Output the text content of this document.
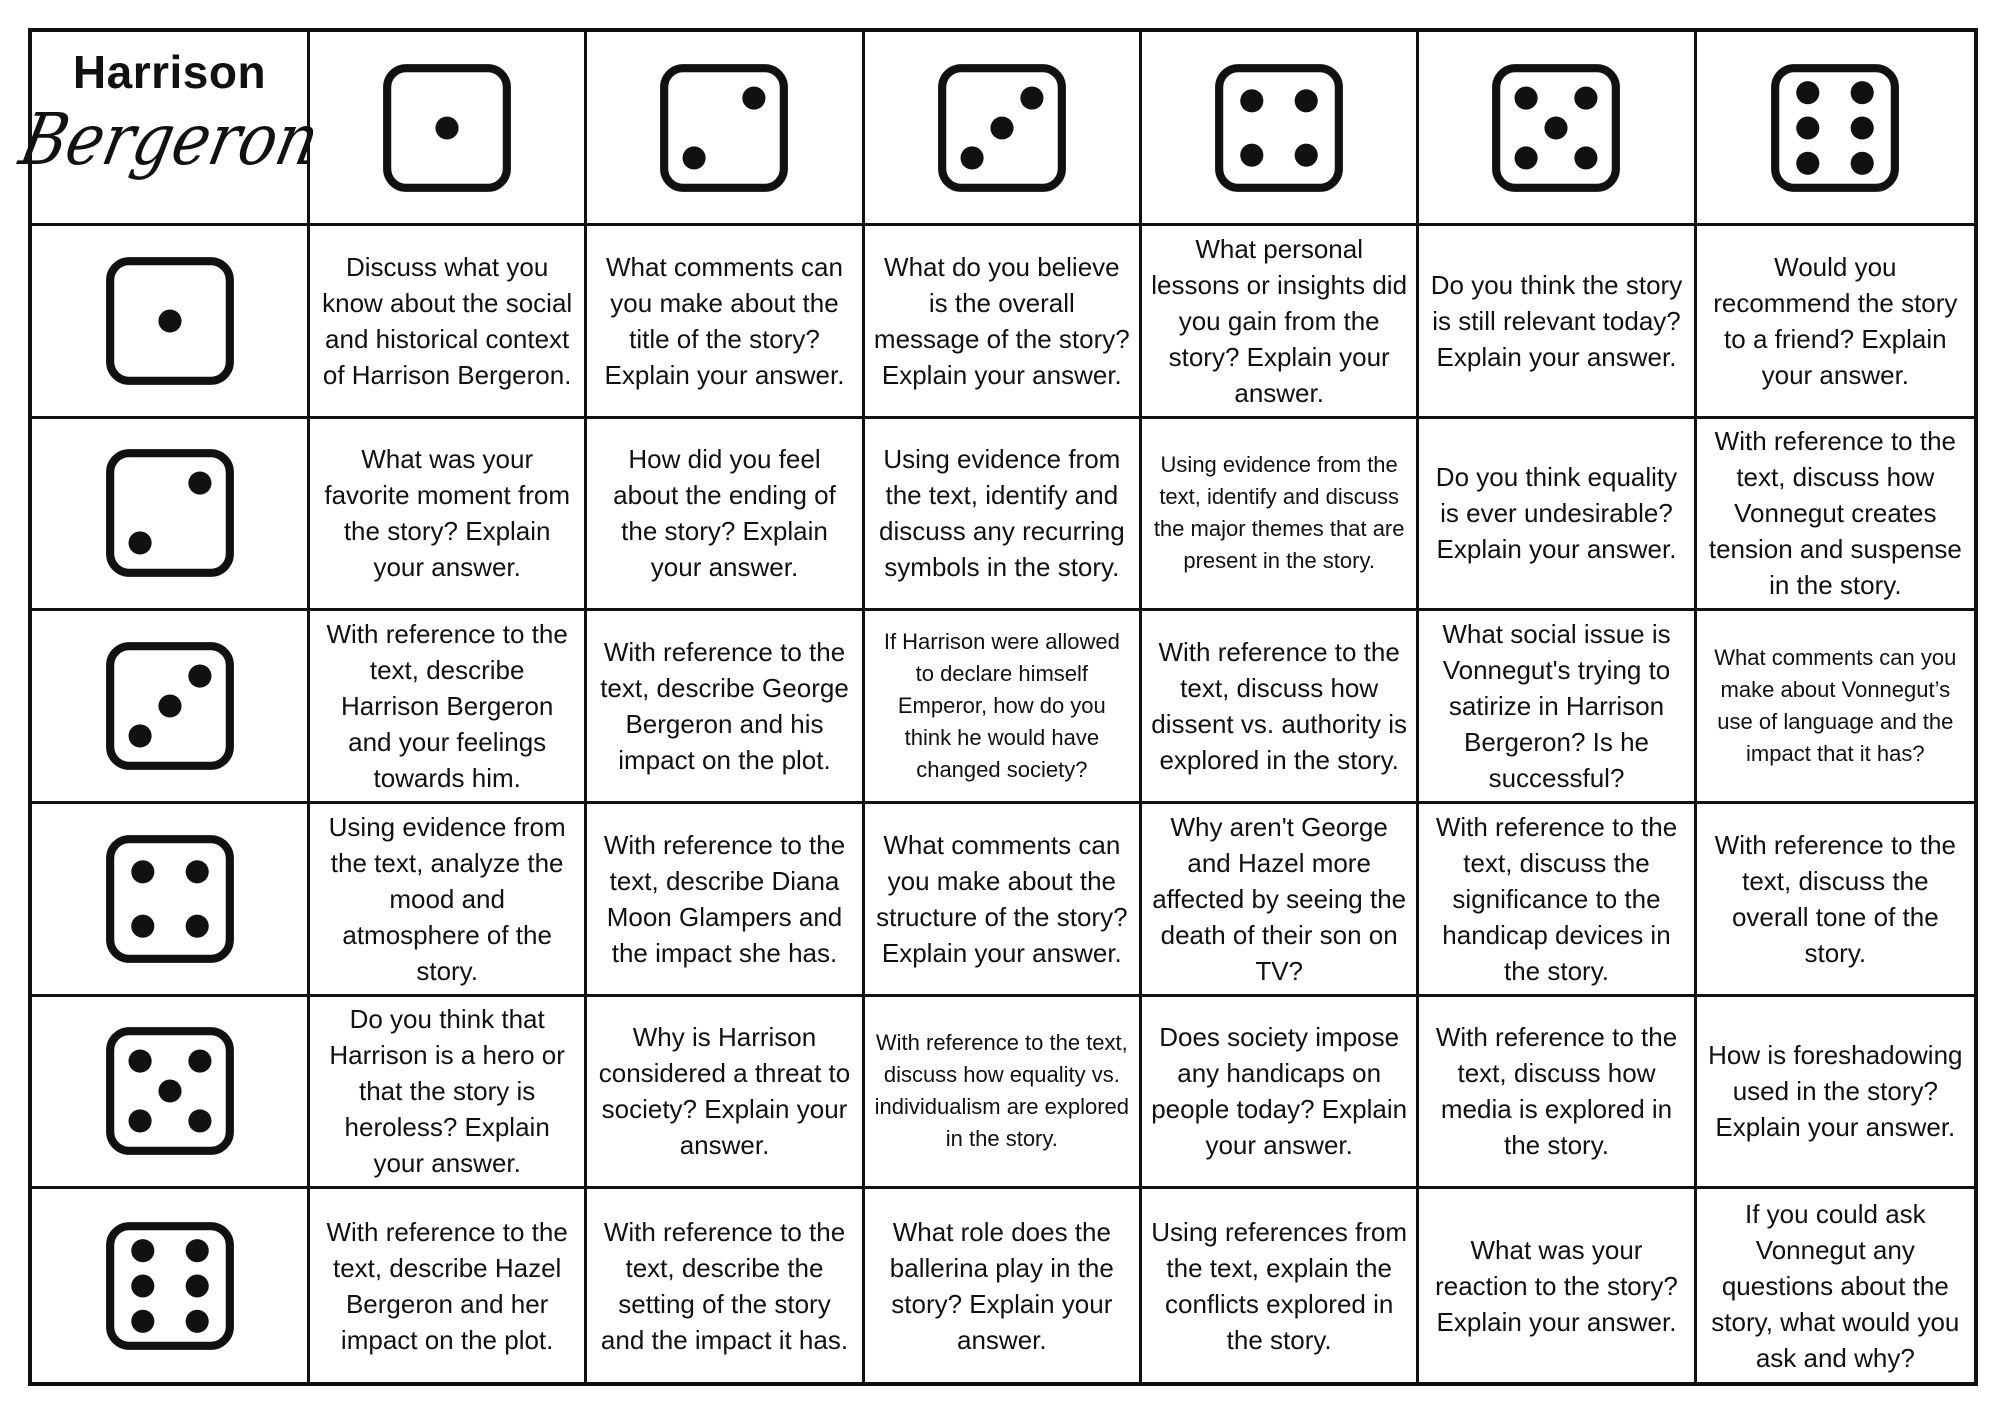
Harrison
Bergeron
Discuss what you know about the social and historical context of Harrison Bergeron.
What comments can you make about the title of the story? Explain your answer.
What do you believe is the overall message of the story? Explain your answer.
What personal lessons or insights did you gain from the story? Explain your answer.
Do you think the story is still relevant today? Explain your answer.
Would you recommend the story to a friend? Explain your answer.
What was your favorite moment from the story? Explain your answer.
How did you feel about the ending of the story? Explain your answer.
Using evidence from the text, identify and discuss any recurring symbols in the story.
Using evidence from the text, identify and discuss the major themes that are present in the story.
Do you think equality is ever undesirable? Explain your answer.
With reference to the text, discuss how Vonnegut creates tension and suspense in the story.
With reference to the text, describe Harrison Bergeron and your feelings towards him.
With reference to the text, describe George Bergeron and his impact on the plot.
If Harrison were allowed to declare himself Emperor, how do you think he would have changed society?
With reference to the text, discuss how dissent vs. authority is explored in the story.
What social issue is Vonnegut's trying to satirize in Harrison Bergeron? Is he successful?
What comments can you make about Vonnegut’s use of language and the impact that it has?
Using evidence from the text, analyze the mood and atmosphere of the story.
With reference to the text, describe Diana Moon Glampers and the impact she has.
What comments can you make about the structure of the story? Explain your answer.
Why aren't George and Hazel more affected by seeing the death of their son on TV?
With reference to the text, discuss the significance to the handicap devices in the story.
With reference to the text, discuss the overall tone of the story.
Do you think that Harrison is a hero or that the story is heroless? Explain your answer.
Why is Harrison considered a threat to society? Explain your answer.
With reference to the text, discuss how equality vs. individualism are explored in the story.
Does society impose any handicaps on people today? Explain your answer.
With reference to the text, discuss how media is explored in the story.
How is foreshadowing used in the story? Explain your answer.
With reference to the text, describe Hazel Bergeron and her impact on the plot.
With reference to the text, describe the setting of the story and the impact it has.
What role does the ballerina play in the story? Explain your answer.
Using references from the text, explain the conflicts explored in the story.
What was your reaction to the story? Explain your answer.
If you could ask Vonnegut any questions about the story, what would you ask and why?
